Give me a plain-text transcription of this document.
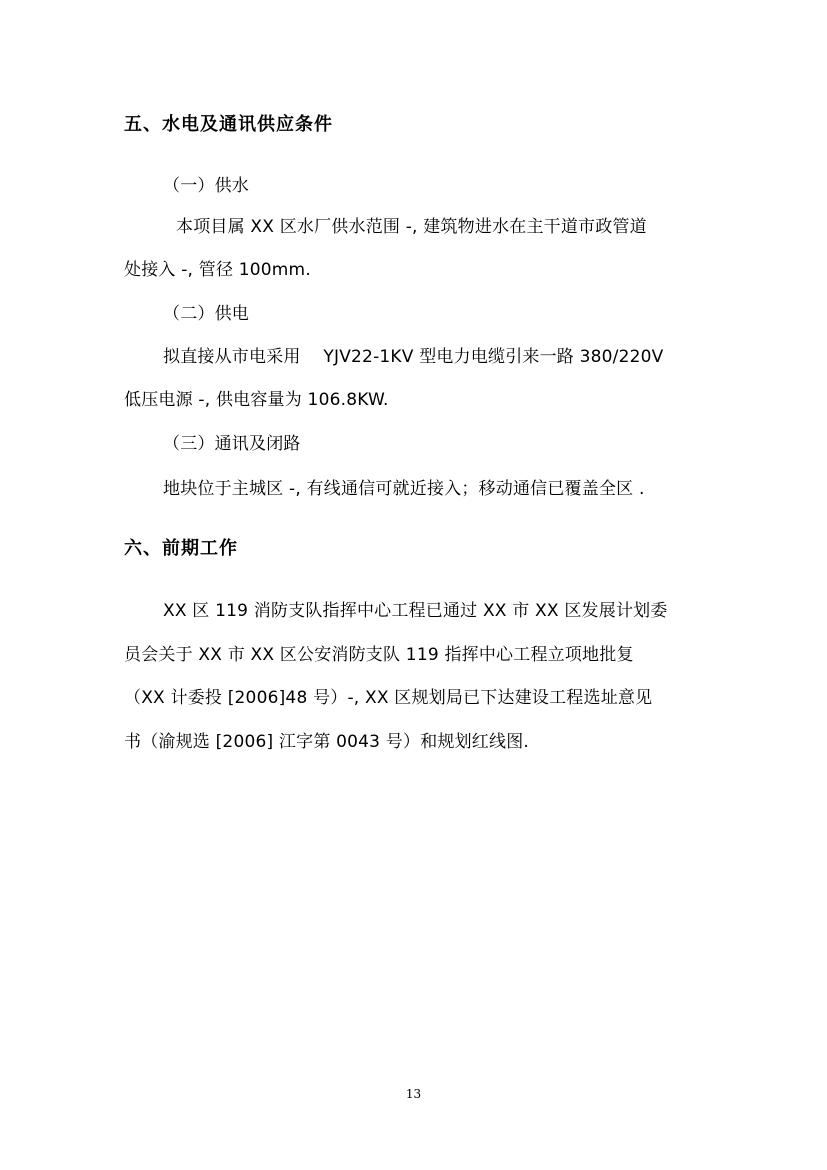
五、水电及通讯供应条件
（一）供水
本项目属 XX 区水厂供水范围 -, 建筑物进水在主干道市政管道
处接入 -, 管径 100mm.
（二）供电
拟直接从市电采用　 YJV22-1KV 型电力电缆引来一路 380/220V
低压电源 -, 供电容量为 106.8KW.
（三）通讯及闭路
地块位于主城区 -, 有线通信可就近接入；移动通信已覆盖全区 .
六、前期工作
XX 区 119 消防支队指挥中心工程已通过 XX 市 XX 区发展计划委
员会关于 XX 市 XX 区公安消防支队 119 指挥中心工程立项地批复
（XX 计委投 [2006]48 号）-, XX 区规划局已下达建设工程选址意见
书（渝规选 [2006] 江字第 0043 号）和规划红线图.
13
